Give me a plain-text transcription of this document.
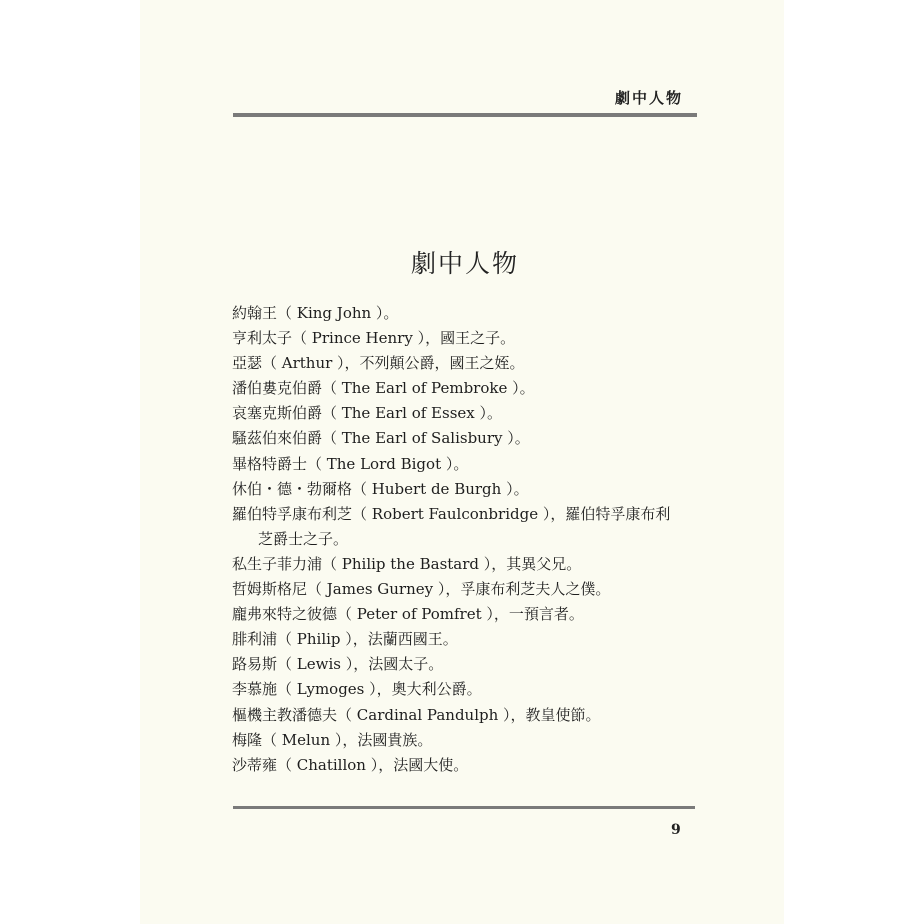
劇中人物
劇中人物
約翰王（ King John ）。
亨利太子（ Prince Henry ），國王之子。
亞瑟（ Arthur ），不列顛公爵，國王之姪。
潘伯婁克伯爵（ The Earl of Pembroke ）。
哀塞克斯伯爵（ The Earl of Essex ）。
騷茲伯來伯爵（ The Earl of Salisbury ）。
畢格特爵士（ The Lord Bigot ）。
休伯・德・勃爾格（ Hubert de Burgh ）。
羅伯特孚康布利芝（ Robert Faulconbridge ），羅伯特孚康布利
芝爵士之子。
私生子菲力浦（ Philip the Bastard ），其異父兄。
哲姆斯格尼（ James Gurney ），孚康布利芝夫人之僕。
龐弗來特之彼德（ Peter of Pomfret ），一預言者。
腓利浦（ Philip ），法蘭西國王。
路易斯（ Lewis ），法國太子。
李慕施（ Lymoges ），奧大利公爵。
樞機主教潘德夫（ Cardinal Pandulph ），教皇使節。
梅隆（ Melun ），法國貴族。
沙蒂雍（ Chatillon ），法國大使。
9
